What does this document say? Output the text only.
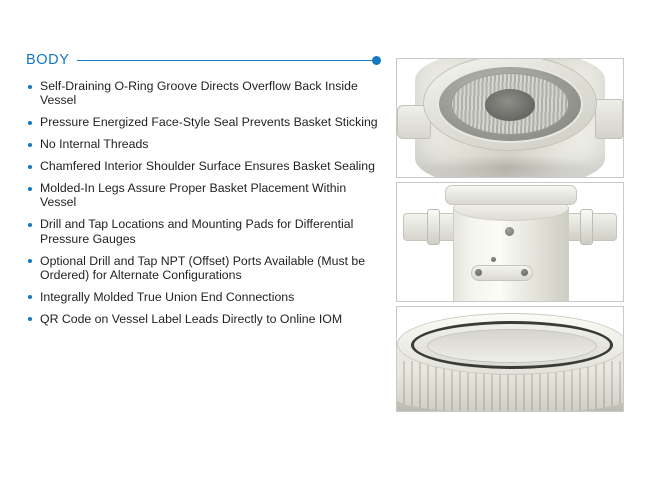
BODY
Self-Draining O-Ring Groove Directs Overflow Back Inside Vessel
Pressure Energized Face-Style Seal Prevents Basket Sticking
No Internal Threads
Chamfered Interior Shoulder Surface Ensures Basket Sealing
Molded-In Legs Assure Proper Basket Placement Within Vessel
Drill and Tap Locations and Mounting Pads for Differential Pressure Gauges
Optional Drill and Tap NPT (Offset) Ports Available (Must be Ordered) for Alternate Configurations
Integrally Molded True Union End Connections
QR Code on Vessel Label Leads Directly to Online IOM
